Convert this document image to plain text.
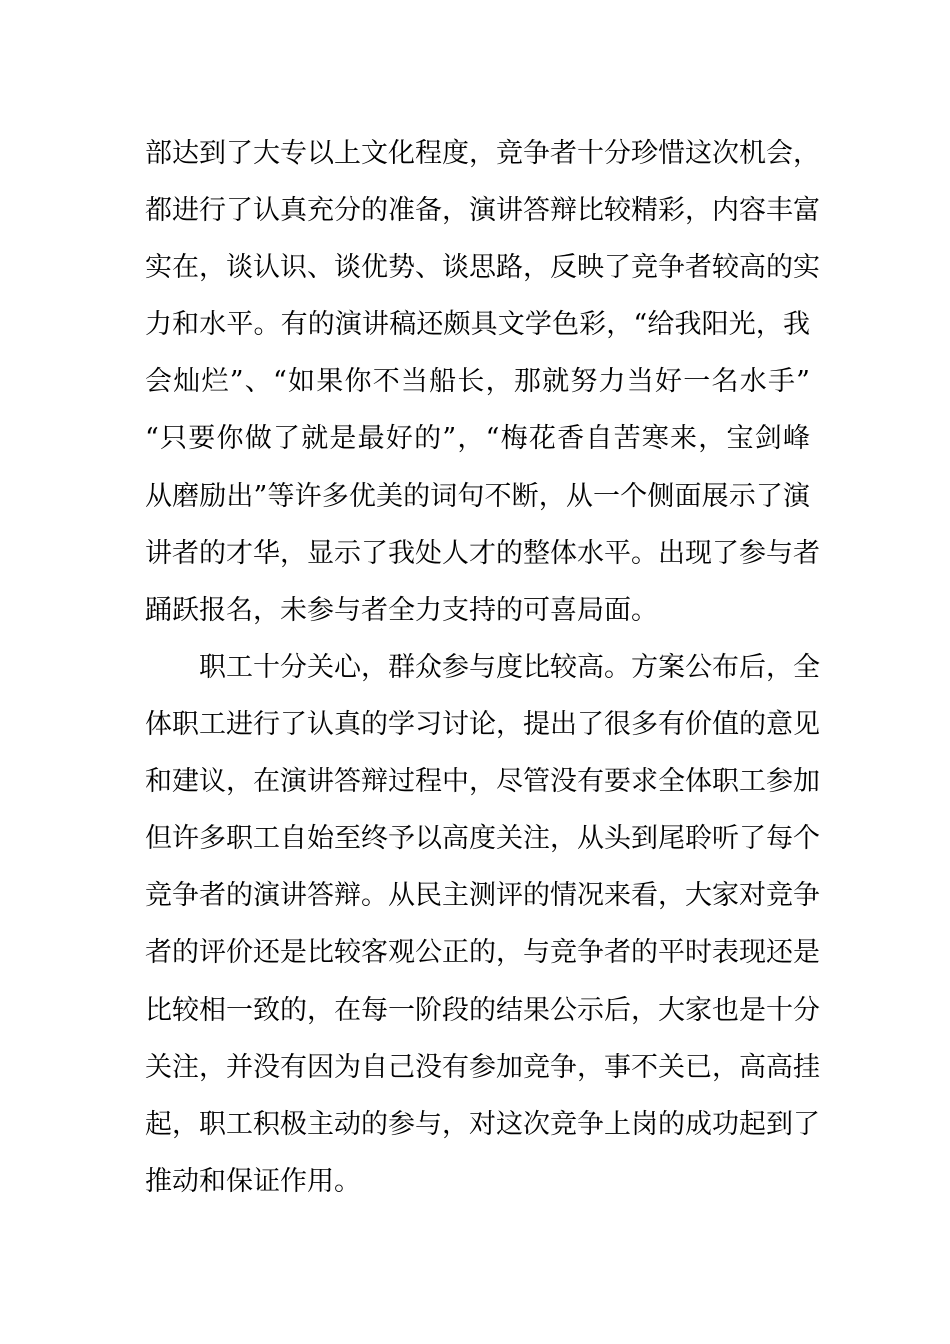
部达到了大专以上文化程度，竞争者十分珍惜这次机会，
都进行了认真充分的准备，演讲答辩比较精彩，内容丰富
实在，谈认识、谈优势、谈思路，反映了竞争者较高的实
力和水平。有的演讲稿还颇具文学色彩，“给我阳光，我
会灿烂”、“如果你不当船长，那就努力当好一名水手”
“只要你做了就是最好的”，“梅花香自苦寒来，宝剑峰
从磨励出”等许多优美的词句不断，从一个侧面展示了演
讲者的才华，显示了我处人才的整体水平。出现了参与者
踊跃报名，未参与者全力支持的可喜局面。
职工十分关心，群众参与度比较高。方案公布后，全
体职工进行了认真的学习讨论，提出了很多有价值的意见
和建议，在演讲答辩过程中，尽管没有要求全体职工参加
但许多职工自始至终予以高度关注，从头到尾聆听了每个
竞争者的演讲答辩。从民主测评的情况来看，大家对竞争
者的评价还是比较客观公正的，与竞争者的平时表现还是
比较相一致的，在每一阶段的结果公示后，大家也是十分
关注，并没有因为自己没有参加竞争，事不关已，高高挂
起，职工积极主动的参与，对这次竞争上岗的成功起到了
推动和保证作用。
